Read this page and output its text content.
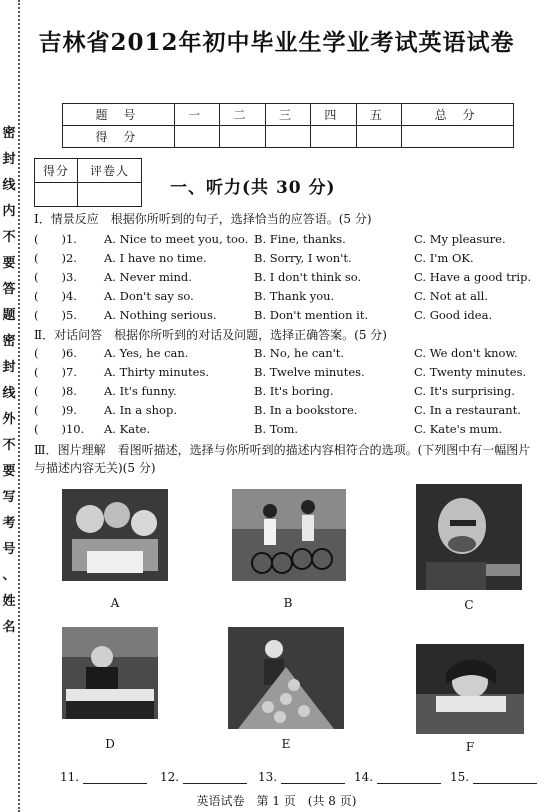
密
封
线
内
不
要
答
题
密
封
线
外
不
要
写
考
号
、
姓
名
吉林省2012年初中毕业生学业考试英语试卷
题 号	一	二	三	四	五	总 分
得 分						
得分	评卷人

一、听力(共 30 分)
Ⅰ．情景反应　根据你所听到的句子，选择恰当的应答语。(5 分)
(　　)1. A. Nice to meet you, too. B. Fine, thanks.	C. My pleasure.
(　　)2. A. I have no time.	B. Sorry, I won't.	C. I'm OK.
(　　)3. A. Never mind.	B. I don't think so.	C. Have a good trip.
(　　)4. A. Don't say so.	B. Thank you.	C. Not at all.
(　　)5. A. Nothing serious.	B. Don't mention it.	C. Good idea.
Ⅱ．对话问答　根据你所听到的对话及问题，选择正确答案。(5 分)
(　　)6. A. Yes, he can.	B. No, he can't.	C. We don't know.
(　　)7. A. Thirty minutes.	B. Twelve minutes.	C. Twenty minutes.
(　　)8. A. It's funny.	B. It's boring.	C. It's surprising.
(　　)9. A. In a shop.	B. In a bookstore.	C. In a restaurant.
(　　)10. A. Kate.	B. Tom.	C. Kate's mum.
Ⅲ．图片理解　看图听描述，选择与你所听到的描述内容相符合的选项。(下列图中有一幅图片与描述内容无关)(5 分)
A	B	C
D	E	F
11.	12.	13.	14.	15.
英语试卷　第 1 页　(共 8 页)
